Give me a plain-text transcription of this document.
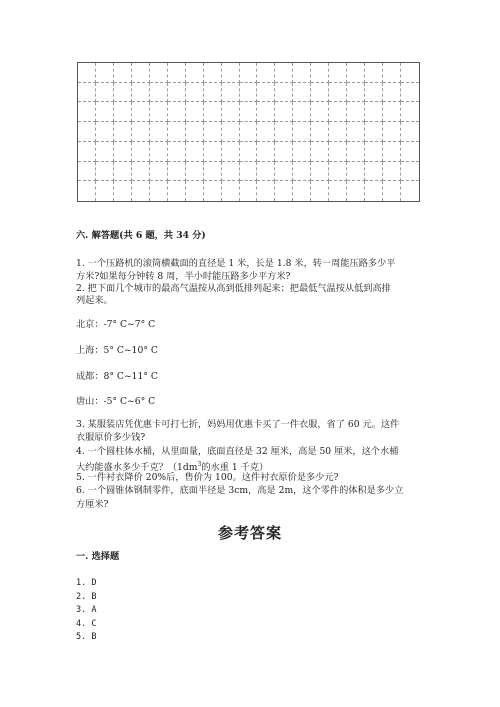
六. 解答题(共 6 题，共 34 分)
1. 一个压路机的滚筒横截面的直径是 1 米，长是 1.8 米，转一周能压路多少平
方米?如果每分钟转 8 周，半小时能压路多少平方米?
2. 把下面几个城市的最高气温按从高到低排列起来；把最低气温按从低到高排
列起来。
北京：-7° C~7° C
上海：5° C~10° C
成都：8° C~11° C
唐山：-5° C~6° C
3. 某服装店凭优惠卡可打七折，妈妈用优惠卡买了一件衣服，省了 60 元。这件
衣服原价多少钱?
4. 一个圆柱体水桶，从里面量，底面直径是 32 厘米，高是 50 厘米，这个水桶
大约能盛水多少千克？（$1dm^3$的水重 1 千克）
5. 一件衬衣降价 20%后，售价为 100。这件衬衣原价是多少元?
6. 一个圆锥体钢制零件，底面半径是 3cm，高是 2m，这个零件的体积是多少立
方厘米?
参考答案
一. 选择题
1. D
2. B
3. A
4. C
5. B
